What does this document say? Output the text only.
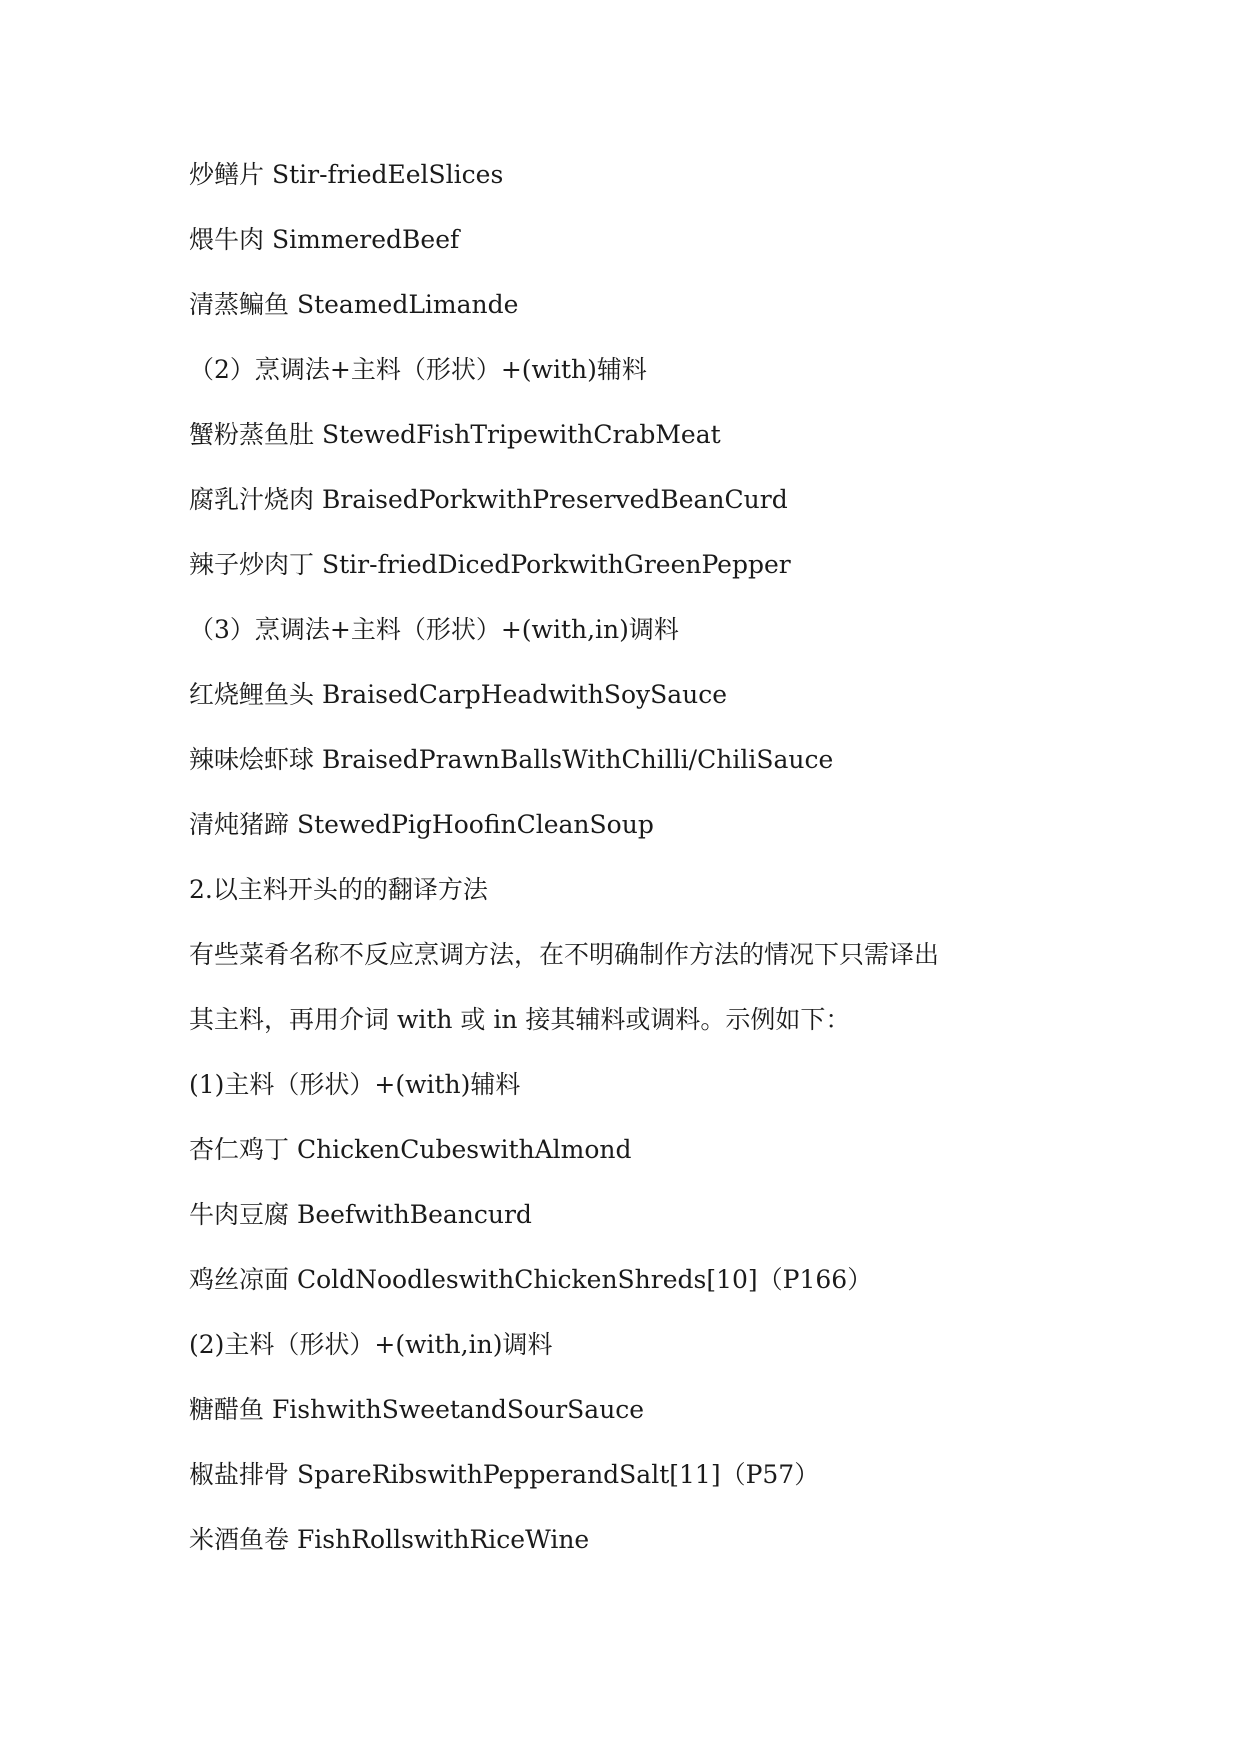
炒鳝片 Stir-friedEelSlices
煨牛肉 SimmeredBeef
清蒸鳊鱼 SteamedLimande
（2）烹调法+主料（形状）+(with)辅料
蟹粉蒸鱼肚 StewedFishTripewithCrabMeat
腐乳汁烧肉 BraisedPorkwithPreservedBeanCurd
辣子炒肉丁 Stir-friedDicedPorkwithGreenPepper
（3）烹调法+主料（形状）+(with,in)调料
红烧鲤鱼头 BraisedCarpHeadwithSoySauce
辣味烩虾球 BraisedPrawnBallsWithChilli/ChiliSauce
清炖猪蹄 StewedPigHoofinCleanSoup
2.以主料开头的的翻译方法
有些菜肴名称不反应烹调方法，在不明确制作方法的情况下只需译出
其主料，再用介词 with 或 in 接其辅料或调料。示例如下：
(1)主料（形状）+(with)辅料
杏仁鸡丁 ChickenCubeswithAlmond
牛肉豆腐 BeefwithBeancurd
鸡丝凉面 ColdNoodleswithChickenShreds[10]（P166）
(2)主料（形状）+(with,in)调料
糖醋鱼 FishwithSweetandSourSauce
椒盐排骨 SpareRibswithPepperandSalt[11]（P57）
米酒鱼卷 FishRollswithRiceWine
